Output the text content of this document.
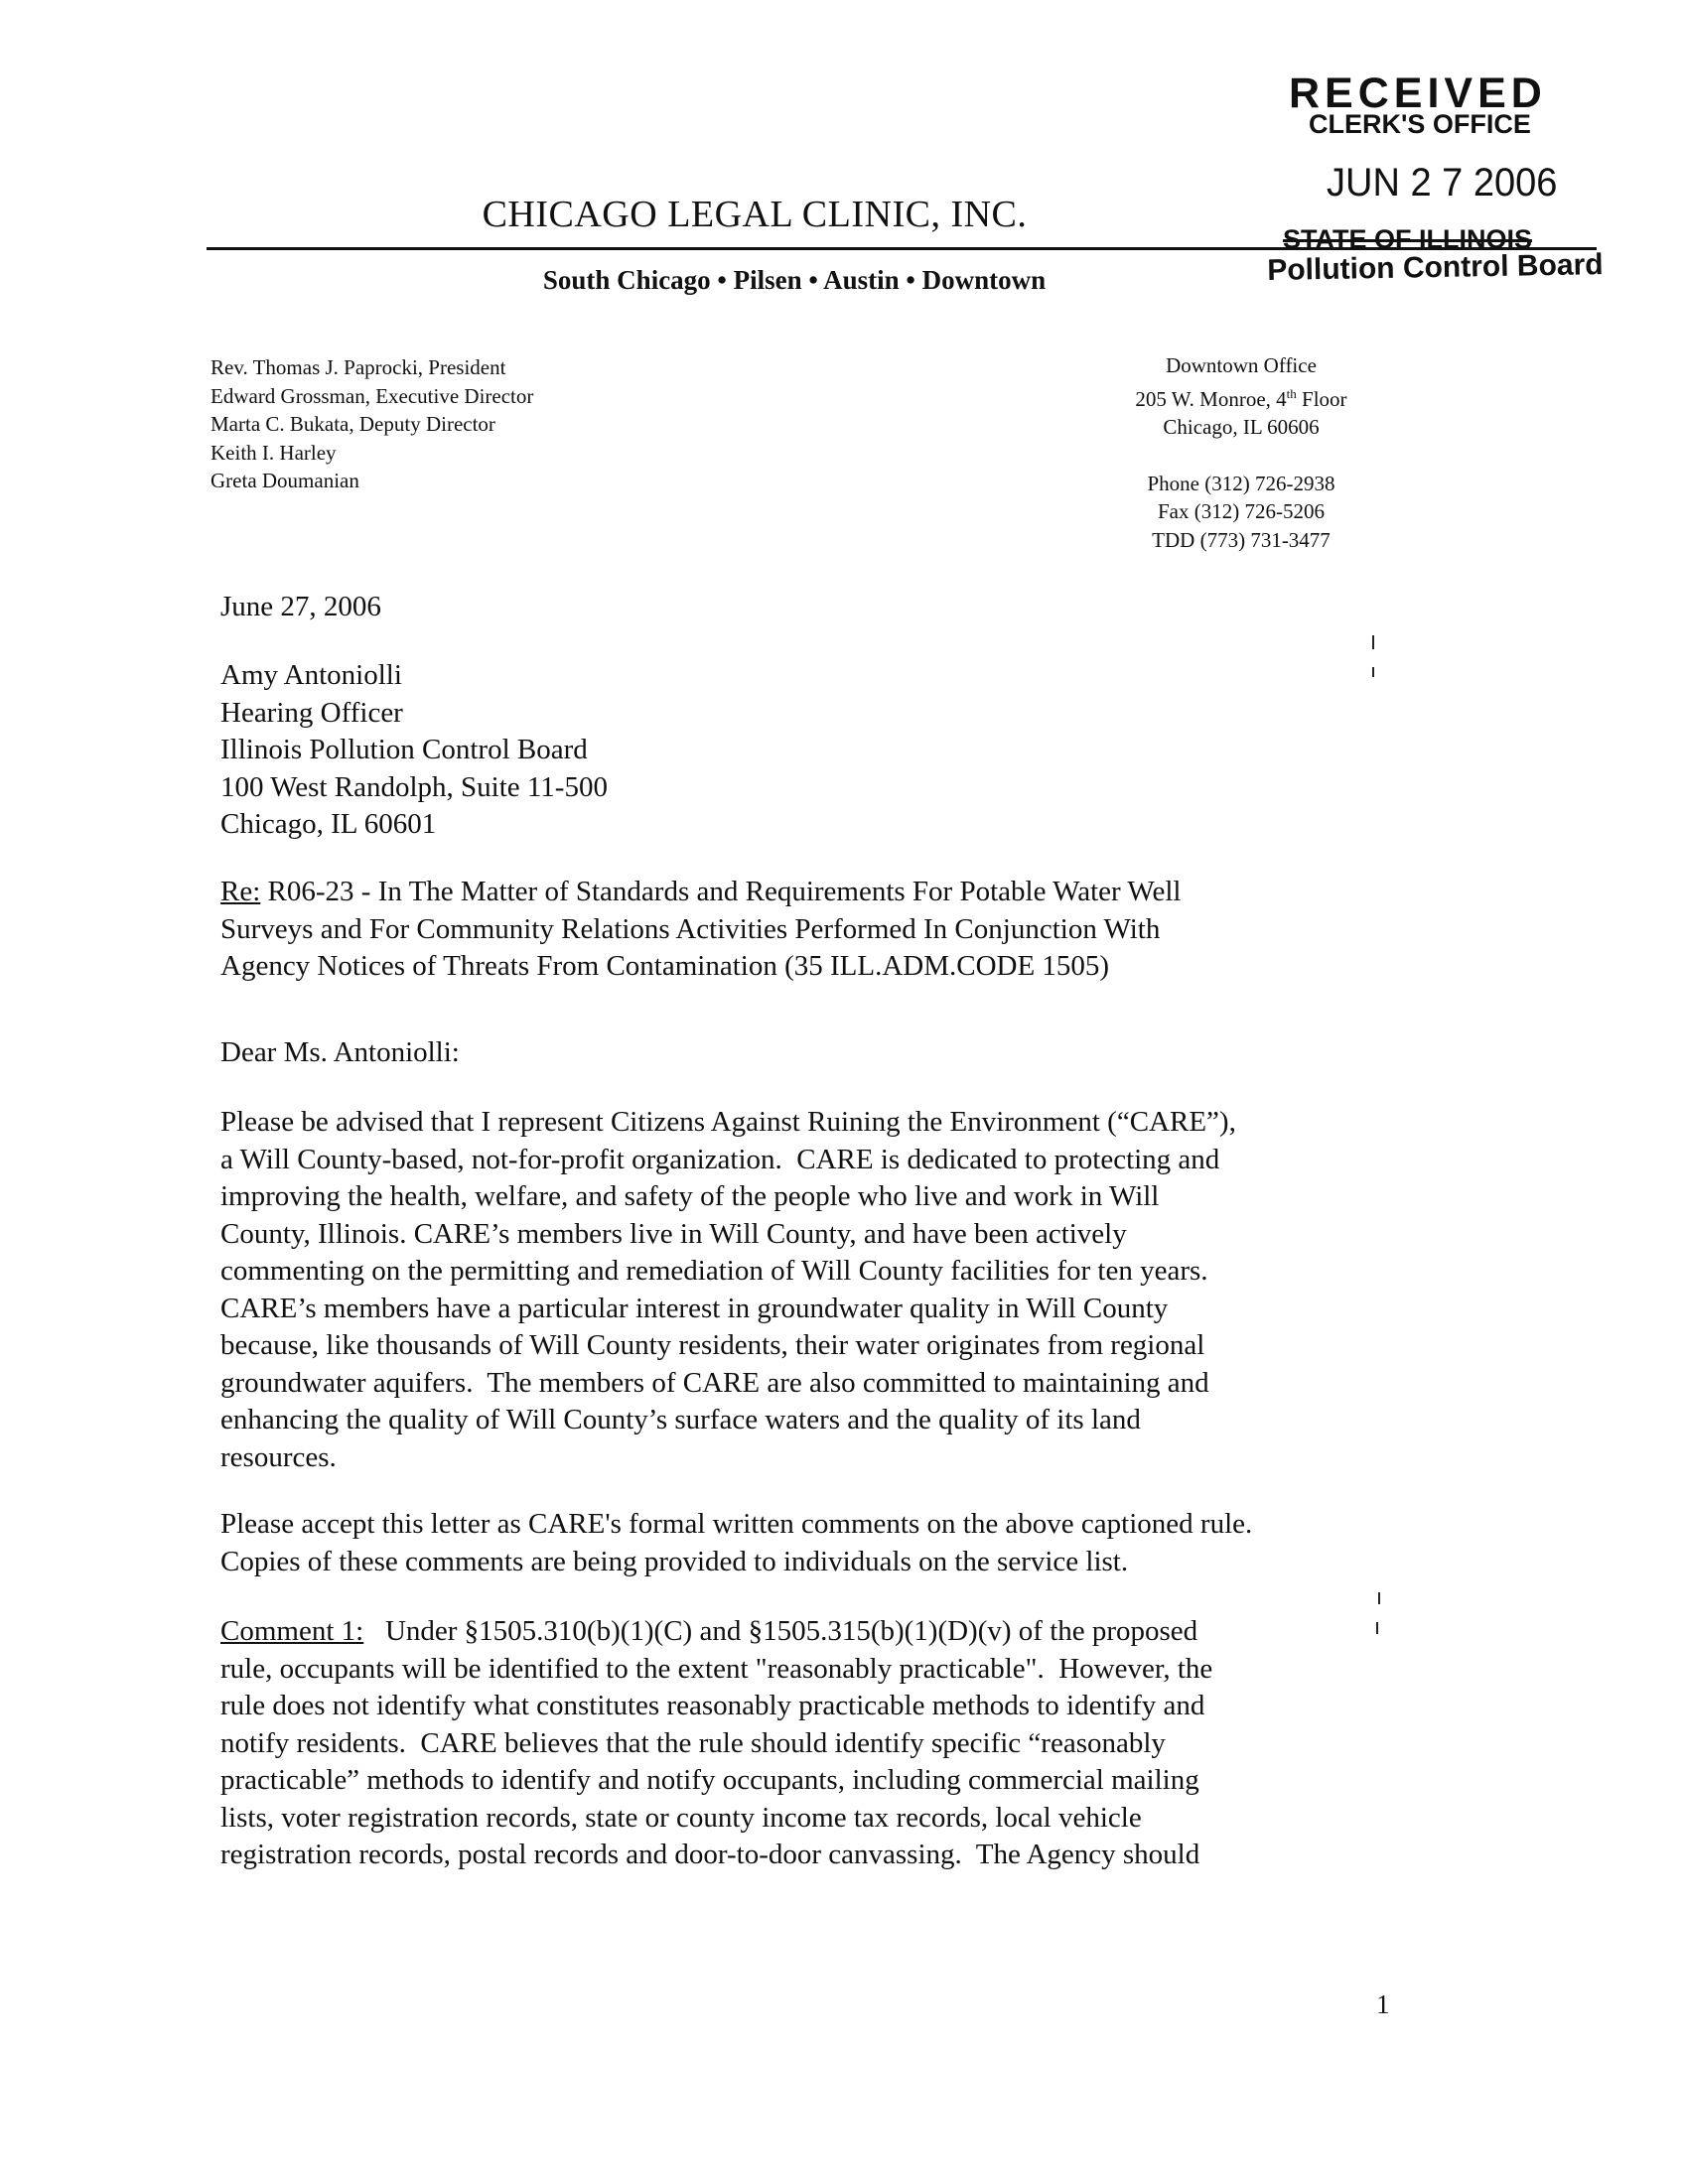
RECEIVED
CLERK'S OFFICE
JUN 2 7 2006
STATE OF ILLINOIS
Pollution Control Board
CHICAGO LEGAL CLINIC, INC.
South Chicago • Pilsen • Austin • Downtown
Rev. Thomas J. Paprocki, President
Edward Grossman, Executive Director
Marta C. Bukata, Deputy Director
Keith I. Harley
Greta Doumanian
Downtown Office
205 W. Monroe, 4th Floor
Chicago, IL 60606
Phone (312) 726-2938
Fax (312) 726-5206
TDD (773) 731-3477
June 27, 2006
Amy Antoniolli
Hearing Officer
Illinois Pollution Control Board
100 West Randolph, Suite 11-500
Chicago, IL 60601
Re: R06-23 - In The Matter of Standards and Requirements For Potable Water Well
Surveys and For Community Relations Activities Performed In Conjunction With
Agency Notices of Threats From Contamination (35 ILL.ADM.CODE 1505)
Dear Ms. Antoniolli:
Please be advised that I represent Citizens Against Ruining the Environment (“CARE”),
a Will County-based, not-for-profit organization.  CARE is dedicated to protecting and
improving the health, welfare, and safety of the people who live and work in Will
County, Illinois. CARE’s members live in Will County, and have been actively
commenting on the permitting and remediation of Will County facilities for ten years.
CARE’s members have a particular interest in groundwater quality in Will County
because, like thousands of Will County residents, their water originates from regional
groundwater aquifers.  The members of CARE are also committed to maintaining and
enhancing the quality of Will County’s surface waters and the quality of its land
resources.
Please accept this letter as CARE's formal written comments on the above captioned rule.
Copies of these comments are being provided to individuals on the service list.
Comment 1:   Under §1505.310(b)(1)(C) and §1505.315(b)(1)(D)(v) of the proposed
rule, occupants will be identified to the extent "reasonably practicable".  However, the
rule does not identify what constitutes reasonably practicable methods to identify and
notify residents.  CARE believes that the rule should identify specific “reasonably
practicable” methods to identify and notify occupants, including commercial mailing
lists, voter registration records, state or county income tax records, local vehicle
registration records, postal records and door-to-door canvassing.  The Agency should
1
